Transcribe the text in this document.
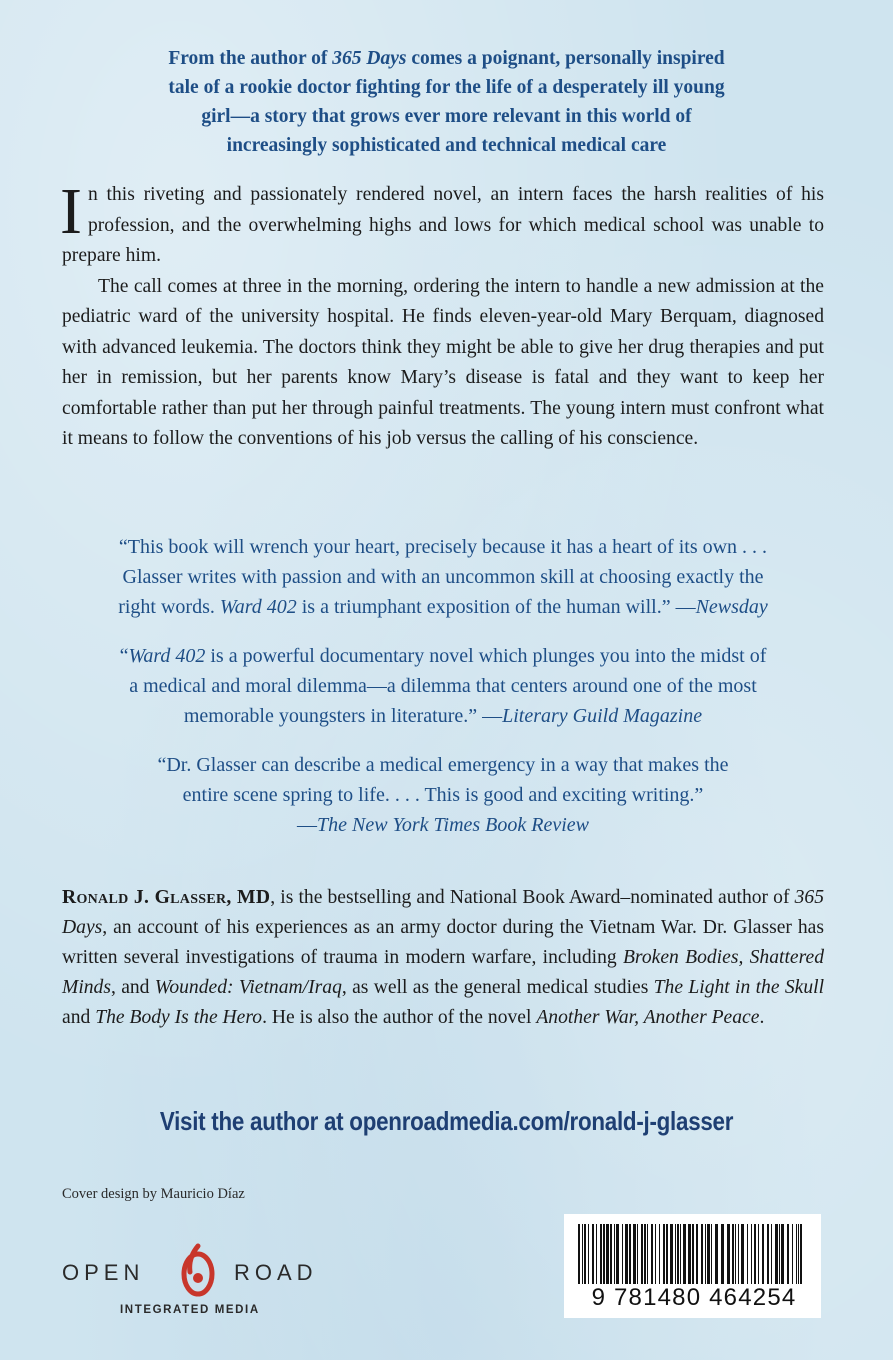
From the author of 365 Days comes a poignant, personally inspired
tale of a rookie doctor fighting for the life of a desperately ill young
girl—a story that grows ever more relevant in this world of
increasingly sophisticated and technical medical care

In this riveting and passionately rendered novel, an intern faces the harsh realities of his profession, and the overwhelming highs and lows for which medical school was unable to prepare him.

The call comes at three in the morning, ordering the intern to handle a new admission at the pediatric ward of the university hospital. He finds eleven-year-old Mary Berquam, diagnosed with advanced leukemia. The doctors think they might be able to give her drug therapies and put her in remission, but her parents know Mary’s disease is fatal and they want to keep her comfortable rather than put her through painful treatments. The young intern must confront what it means to follow the conventions of his job versus the calling of his conscience.

“This book will wrench your heart, precisely because it has a heart of its own . . .
Glasser writes with passion and with an uncommon skill at choosing exactly the
right words. Ward 402 is a triumphant exposition of the human will.” —Newsday

“Ward 402 is a powerful documentary novel which plunges you into the midst of
a medical and moral dilemma—a dilemma that centers around one of the most
memorable youngsters in literature.” —Literary Guild Magazine

“Dr. Glasser can describe a medical emergency in a way that makes the
entire scene spring to life. . . . This is good and exciting writing.”
—The New York Times Book Review

Ronald J. Glasser, MD, is the bestselling and National Book Award–nominated author of 365 Days, an account of his experiences as an army doctor during the Vietnam War. Dr. Glasser has written several investigations of trauma in modern warfare, including Broken Bodies, Shattered Minds, and Wounded: Vietnam/Iraq, as well as the general medical studies The Light in the Skull and The Body Is the Hero. He is also the author of the novel Another War, Another Peace.

Visit the author at openroadmedia.com/ronald-j-glasser
Cover design by Mauricio Díaz
OPEN	ROAD
INTEGRATED MEDIA	9 781480 464254
